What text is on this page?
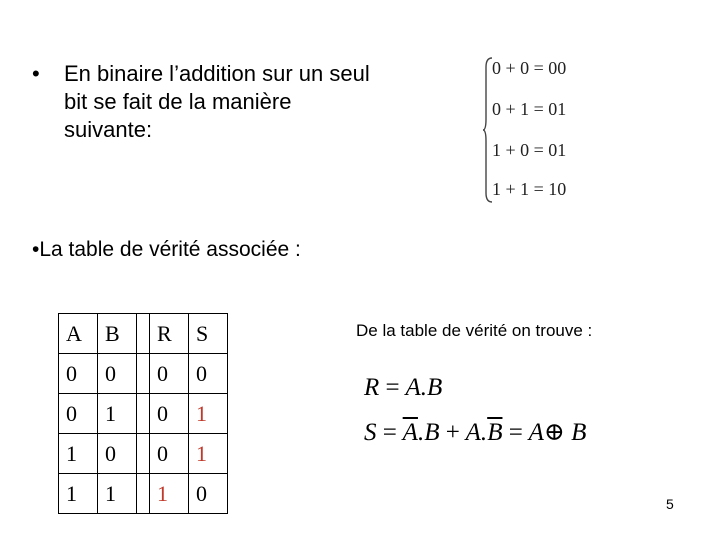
• En binaire l’addition sur un seul bit se fait de la manière suivante:
0 + 0 = 00
0 + 1 = 01
1 + 0 = 01
1 + 1 = 10
•La table de vérité associée :
A	B		R	S
0	0		0	0
0	1		0	1
1	0		0	1
1	1		1	0
De la table de vérité on trouve :
R = A.B
$S = \overline{A}.B + A.\overline{B}$ = A⊕ B
5
